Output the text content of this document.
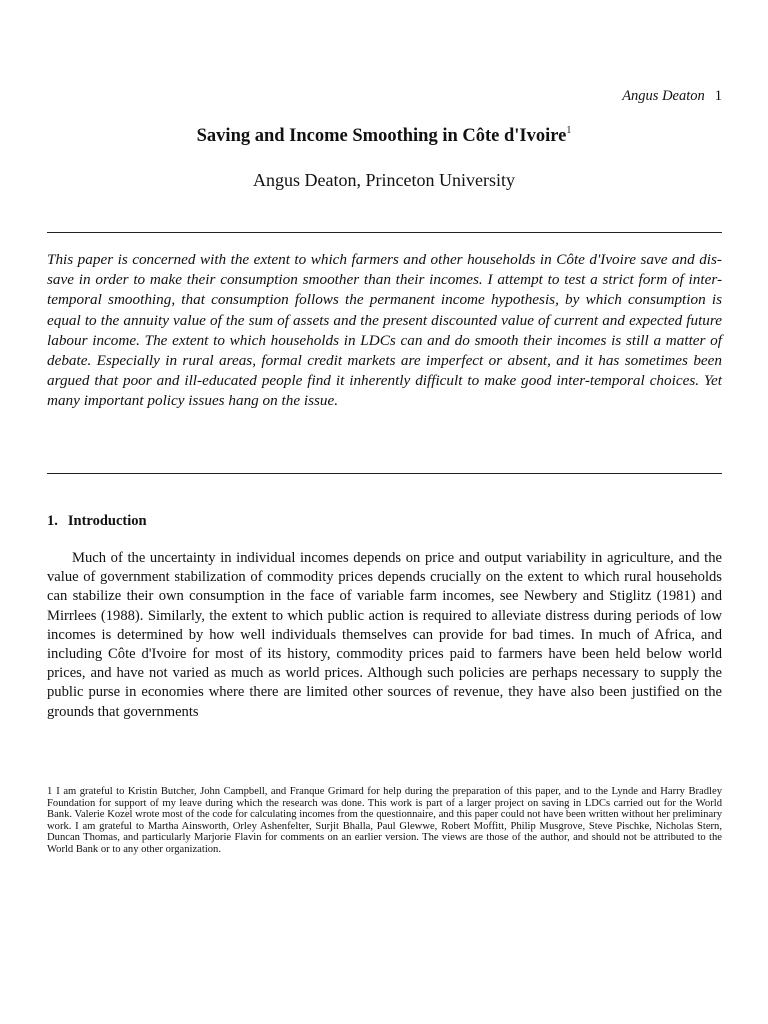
Angus Deaton 1
Saving and Income Smoothing in Côte d'Ivoire$^1$
Angus Deaton, Princeton University

This paper is concerned with the extent to which farmers and other households in Côte d'Ivoire save and dis-save in order to make their consumption smoother than their incomes. I attempt to test a strict form of inter-temporal smoothing, that consumption follows the permanent income hypothesis, by which consumption is equal to the annuity value of the sum of assets and the present discounted value of current and expected future labour income. The extent to which households in LDCs can and do smooth their incomes is still a matter of debate. Especially in rural areas, formal credit markets are imperfect or absent, and it has sometimes been argued that poor and ill-educated people find it inherently difficult to make good inter-temporal choices. Yet many important policy issues hang on the issue.

1. Introduction

Much of the uncertainty in individual incomes depends on price and output variability in agriculture, and the value of government stabilization of commodity prices depends crucially on the extent to which rural households can stabilize their own consumption in the face of variable farm incomes, see Newbery and Stiglitz (1981) and Mirrlees (1988). Similarly, the extent to which public action is required to alleviate distress during periods of low incomes is determined by how well individuals themselves can provide for bad times. In much of Africa, and including Côte d'Ivoire for most of its history, commodity prices paid to farmers have been held below world prices, and have not varied as much as world prices. Although such policies are perhaps necessary to supply the public purse in economies where there are limited other sources of revenue, they have also been justified on the grounds that governments

1 I am grateful to Kristin Butcher, John Campbell, and Franque Grimard for help during the preparation of this paper, and to the Lynde and Harry Bradley Foundation for support of my leave during which the research was done. This work is part of a larger project on saving in LDCs carried out for the World Bank. Valerie Kozel wrote most of the code for calculating incomes from the questionnaire, and this paper could not have been written without her preliminary work. I am grateful to Martha Ainsworth, Orley Ashenfelter, Surjit Bhalla, Paul Glewwe, Robert Moffitt, Philip Musgrove, Steve Pischke, Nicholas Stern, Duncan Thomas, and particularly Marjorie Flavin for comments on an earlier version. The views are those of the author, and should not be attributed to the World Bank or to any other organization.
